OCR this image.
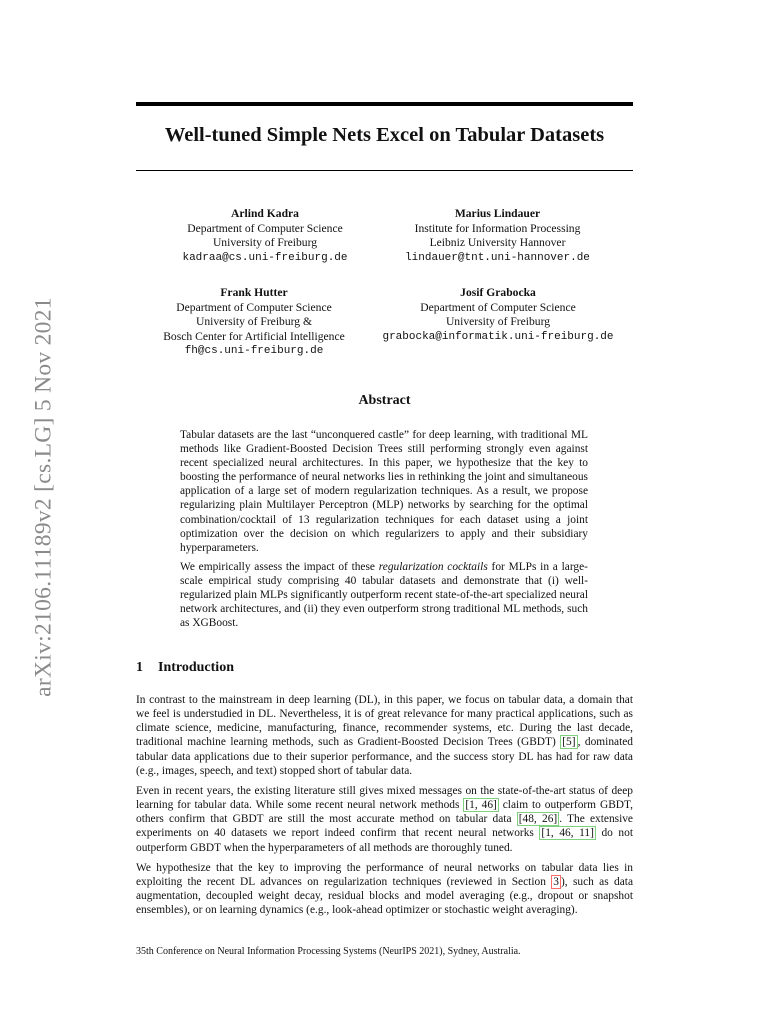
arXiv:2106.11189v2 [cs.LG] 5 Nov 2021
Well-tuned Simple Nets Excel on Tabular Datasets
Arlind Kadra
Department of Computer Science
University of Freiburg
kadraa@cs.uni-freiburg.de
Marius Lindauer
Institute for Information Processing
Leibniz University Hannover
lindauer@tnt.uni-hannover.de
Frank Hutter
Department of Computer Science
University of Freiburg &
Bosch Center for Artificial Intelligence
fh@cs.uni-freiburg.de
Josif Grabocka
Department of Computer Science
University of Freiburg
grabocka@informatik.uni-freiburg.de
Abstract

Tabular datasets are the last “unconquered castle” for deep learning, with traditional ML methods like Gradient-Boosted Decision Trees still performing strongly even against recent specialized neural architectures. In this paper, we hypothesize that the key to boosting the performance of neural networks lies in rethinking the joint and simultaneous application of a large set of modern regularization techniques. As a result, we propose regularizing plain Multilayer Perceptron (MLP) networks by searching for the optimal combination/cocktail of 13 regularization techniques for each dataset using a joint optimization over the decision on which regularizers to apply and their subsidiary hyperparameters.

We empirically assess the impact of these regularization cocktails for MLPs in a large-scale empirical study comprising 40 tabular datasets and demonstrate that (i) well-regularized plain MLPs significantly outperform recent state-of-the-art specialized neural network architectures, and (ii) they even outperform strong traditional ML methods, such as XGBoost.

1 Introduction

In contrast to the mainstream in deep learning (DL), in this paper, we focus on tabular data, a domain that we feel is understudied in DL. Nevertheless, it is of great relevance for many practical applications, such as climate science, medicine, manufacturing, finance, recommender systems, etc. During the last decade, traditional machine learning methods, such as Gradient-Boosted Decision Trees (GBDT) [5] , dominated tabular data applications due to their superior performance, and the success story DL has had for raw data (e.g., images, speech, and text) stopped short of tabular data.

Even in recent years, the existing literature still gives mixed messages on the state-of-the-art status of deep learning for tabular data. While some recent neural network methods [1, 46] claim to outperform GBDT, others confirm that GBDT are still the most accurate method on tabular data [48, 26] . The extensive experiments on 40 datasets we report indeed confirm that recent neural networks [1, 46, 11] do not outperform GBDT when the hyperparameters of all methods are thoroughly tuned.

We hypothesize that the key to improving the performance of neural networks on tabular data lies in exploiting the recent DL advances on regularization techniques (reviewed in Section 3 ), such as data augmentation, decoupled weight decay, residual blocks and model averaging (e.g., dropout or snapshot ensembles), or on learning dynamics (e.g., look-ahead optimizer or stochastic weight averaging).

35th Conference on Neural Information Processing Systems (NeurIPS 2021), Sydney, Australia.
